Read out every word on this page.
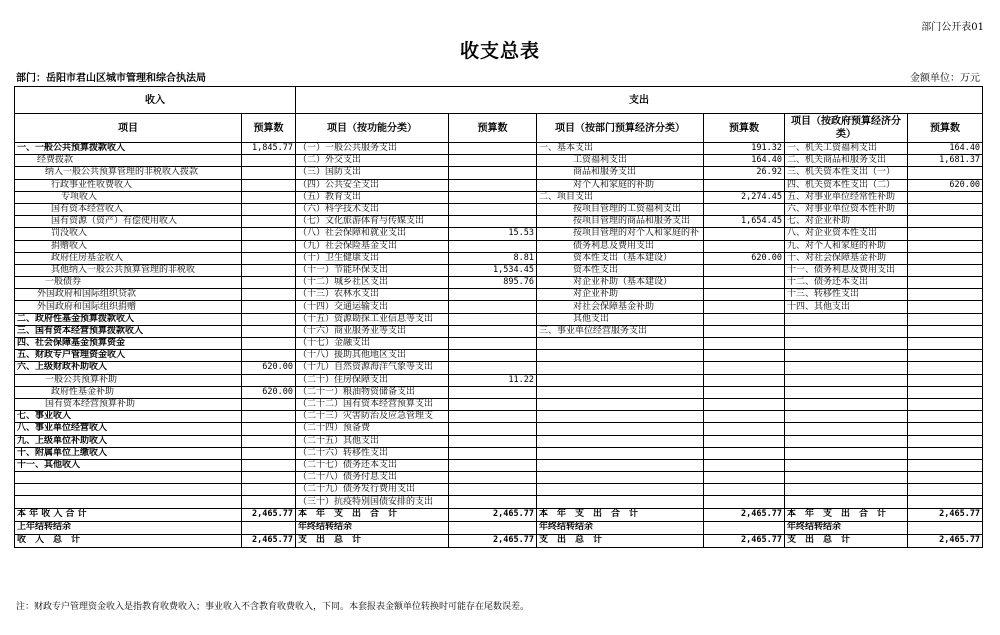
部门公开表01
收支总表
部门：岳阳市君山区城市管理和综合执法局	金额单位：万元
收入		支出					
项目	预算数	项目（按功能分类）	预算数	项目（按部门预算经济分类）	预算数	项目（按政府预算经济分类）	预算数
一、一般公共预算拨款收入	1,845.77	（一）一般公共服务支出		一、基本支出	191.32	一、机关工资福利支出	164.40
经费拨款		（二）外交支出		工资福利支出	164.40	二、机关商品和服务支出	1,681.37
纳入一般公共预算管理的非税收入拨款		（三）国防支出		商品和服务支出	26.92	三、机关资本性支出（一）	
行政事业性收费收入		（四）公共安全支出		对个人和家庭的补助		四、机关资本性支出（二）	620.00
专项收入		（五）教育支出		二、项目支出	2,274.45	五、对事业单位经常性补助	
国有资本经营收入		（六）科学技术支出		按项目管理的工资福利支出		六、对事业单位资本性补助	
国有资源（资产）有偿使用收入		（七）文化旅游体育与传媒支出		按项目管理的商品和服务支出	1,654.45	七、对企业补助	
罚没收入		（八）社会保障和就业支出	15.53	按项目管理的对个人和家庭的补		八、对企业资本性支出	
捐赠收入		（九）社会保险基金支出		债务利息及费用支出		九、对个人和家庭的补助	
政府住房基金收入		（十）卫生健康支出	8.81	资本性支出（基本建设）	620.00	十、对社会保障基金补助	
其他纳入一般公共预算管理的非税收		（十一）节能环保支出	1,534.45	资本性支出		十一、债务利息及费用支出	
一般债券		（十二）城乡社区支出	895.76	对企业补助（基本建设）		十二、债务还本支出	
外国政府和国际组织贷款		（十三）农林水支出		对企业补助		十三、转移性支出	
外国政府和国际组织捐赠		（十四）交通运输支出		对社会保障基金补助		十四、其他支出	
二、政府性基金预算拨款收入		（十五）资源勘探工业信息等支出		其他支出			
三、国有资本经营预算拨款收入		（十六）商业服务业等支出		三、事业单位经营服务支出			
四、社会保障基金预算资金		（十七）金融支出					
五、财政专户管理资金收入		（十八）援助其他地区支出					
六、上级财政补助收入	620.00	（十九）自然资源海洋气象等支出					
一般公共预算补助		（二十）住房保障支出	11.22				
政府性基金补助	620.00	（二十一）粮油物资储备支出					
国有资本经营预算补助		（二十二）国有资本经营预算支出					
七、事业收入		（二十三）灾害防治及应急管理支					
八、事业单位经营收入		（二十四）预备费					
九、上级单位补助收入		（二十五）其他支出					
十、附属单位上缴收入		（二十六）转移性支出					
十一、其他收入		（二十七）债务还本支出					
		（二十八）债务付息支出					
		（二十九）债务发行费用支出					
		（三十）抗疫特别国债安排的支出					
本 年 收 入 合 计	2,465.77	本　年　支　出　合　计	2,465.77	本　年　支　出　合　计	2,465.77	本　年　支　出　合　计	2,465.77
上年结转结余		年终结转结余		年终结转结余		年终结转结余	
收　入　总　计	2,465.77	支　出　总　计	2,465.77	支　出　总　计	2,465.77	支　出　总　计	2,465.77
注：财政专户管理资金收入是指教育收费收入；事业收入不含教育收费收入，下同。本套报表金额单位转换时可能存在尾数误差。
